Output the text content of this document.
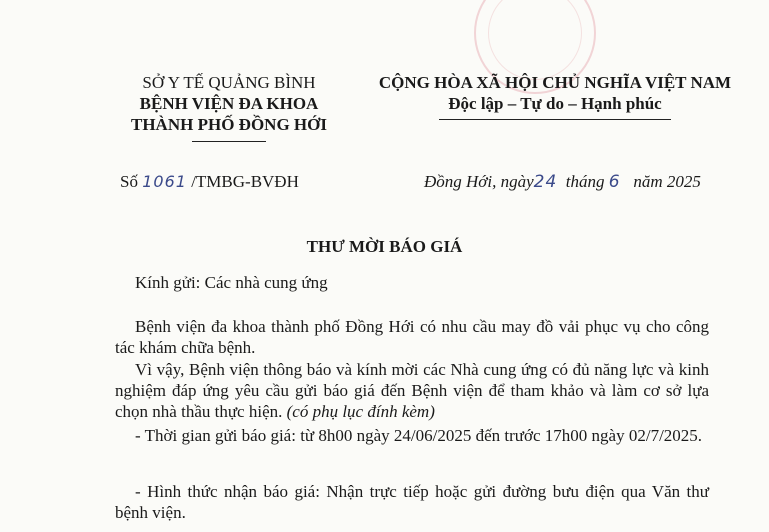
SỞ Y TẾ QUẢNG BÌNH
BỆNH VIỆN ĐA KHOA
THÀNH PHỐ ĐỒNG HỚI
CỘNG HÒA XÃ HỘI CHỦ NGHĨA VIỆT NAM
Độc lập – Tự do – Hạnh phúc
Số 1061 /TMBG-BVĐH	Đồng Hới, ngày24 tháng 6 năm 2025
THƯ MỜI BÁO GIÁ
Kính gửi: Các nhà cung ứng
Bệnh viện đa khoa thành phố Đồng Hới có nhu cầu may đồ vải phục vụ cho công tác khám chữa bệnh.
Vì vậy, Bệnh viện thông báo và kính mời các Nhà cung ứng có đủ năng lực và kinh nghiệm đáp ứng yêu cầu gửi báo giá đến Bệnh viện để tham khảo và làm cơ sở lựa chọn nhà thầu thực hiện. (có phụ lục đính kèm)
- Thời gian gửi báo giá: từ 8h00 ngày 24/06/2025 đến trước 17h00 ngày 02/7/2025.
- Hình thức nhận báo giá: Nhận trực tiếp hoặc gửi đường bưu điện qua Văn thư bệnh viện.
